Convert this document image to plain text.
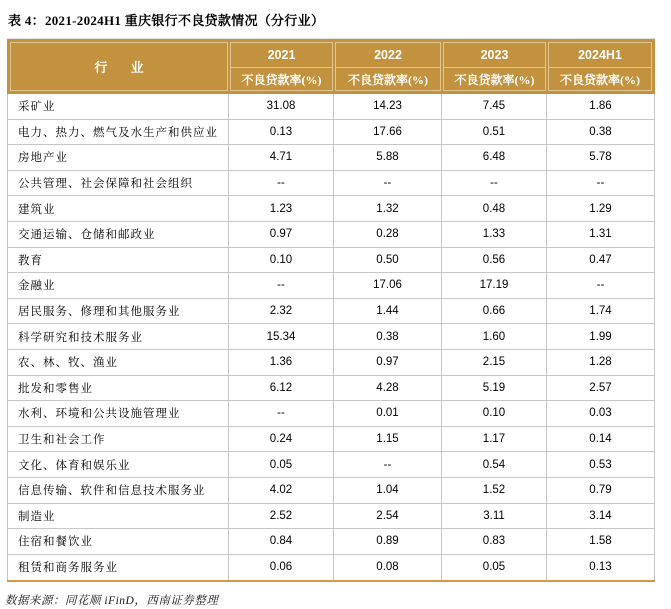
表 4：2021-2024H1 重庆银行不良贷款情况（分行业）
行 业
2021	2022	2023	2024H1
不良贷款率(%)	不良贷款率(%)	不良贷款率(%)	不良贷款率(%)
采矿业	31.08	14.23	7.45	1.86
电力、热力、燃气及水生产和供应业	0.13	17.66	0.51	0.38
房地产业	4.71	5.88	6.48	5.78
公共管理、社会保障和社会组织	--	--	--	--
建筑业	1.23	1.32	0.48	1.29
交通运输、仓储和邮政业	0.97	0.28	1.33	1.31
教育	0.10	0.50	0.56	0.47
金融业	--	17.06	17.19	--
居民服务、修理和其他服务业	2.32	1.44	0.66	1.74
科学研究和技术服务业	15.34	0.38	1.60	1.99
农、林、牧、渔业	1.36	0.97	2.15	1.28
批发和零售业	6.12	4.28	5.19	2.57
水利、环境和公共设施管理业	--	0.01	0.10	0.03
卫生和社会工作	0.24	1.15	1.17	0.14
文化、体育和娱乐业	0.05	--	0.54	0.53
信息传输、软件和信息技术服务业	4.02	1.04	1.52	0.79
制造业	2.52	2.54	3.11	3.14
住宿和餐饮业	0.84	0.89	0.83	1.58
租赁和商务服务业	0.06	0.08	0.05	0.13
数据来源：同花顺 iFinD，西南证券整理
